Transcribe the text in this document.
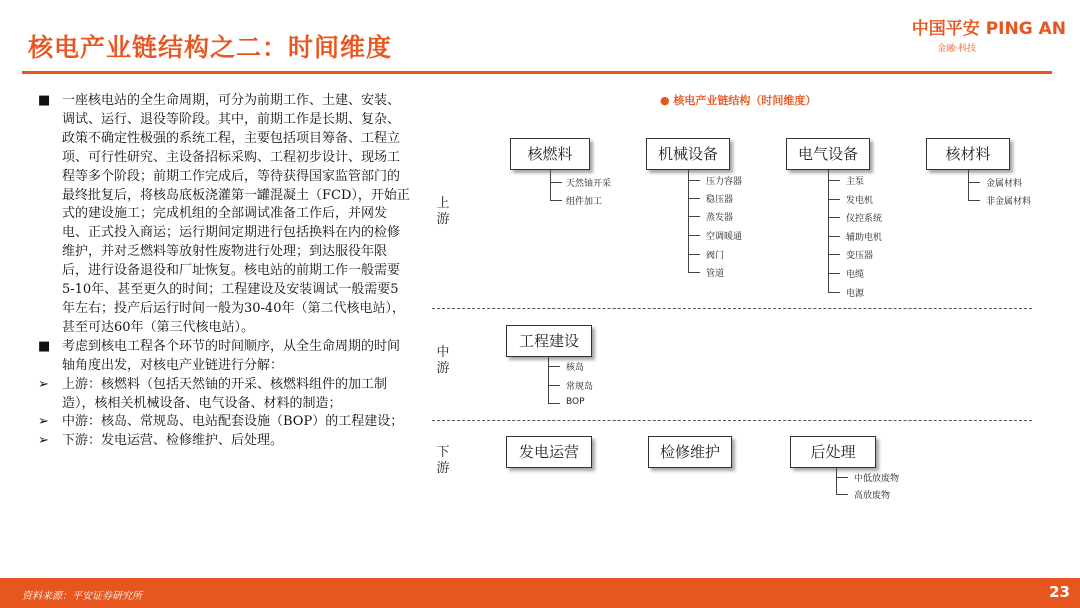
核电产业链结构之二：时间维度
中国平安 PING AN
金融·科技

■ 一座核电站的全生命周期，可分为前期工作、土建、安装、调试、运行、退役等阶段。其中，前期工作是长期、复杂、政策不确定性极强的系统工程，主要包括项目筹备、工程立项、可行性研究、主设备招标采购、工程初步设计、现场工程等多个阶段；前期工作完成后，等待获得国家监管部门的最终批复后，将核岛底板浇灌第一罐混凝土（FCD），开始正式的建设施工；完成机组的全部调试准备工作后，并网发电、正式投入商运；运行期间定期进行包括换料在内的检修维护，并对乏燃料等放射性废物进行处理；到达服役年限后，进行设备退役和厂址恢复。核电站的前期工作一般需要5-10年、甚至更久的时间；工程建设及安装调试一般需要5年左右；投产后运行时间一般为30-40年（第二代核电站），甚至可达60年（第三代核电站）。

■ 考虑到核电工程各个环节的时间顺序，从全生命周期的时间轴角度出发，对核电产业链进行分解：

➢	上游：核燃料（包括天然铀的开采、核燃料组件的加工制造），核相关机械设备、电气设备、材料的制造；

➢	中游：核岛、常规岛、电站配套设施（BOP）的工程建设；

➢	下游：发电运营、检修维护、后处理。

● 核电产业链结构（时间维度）
上游
中游
下游
核燃料
天然铀开采
组件加工
机械设备
压力容器
稳压器
蒸发器
空调暖通
阀门
管道
电气设备
主泵
发电机
仪控系统
辅助电机
变压器
电缆
电源
核材料
金属材料
非金属材料
工程建设
核岛
常规岛
BOP
发电运营	检修维护	后处理
中低放废物
高放废物
资料来源：平安证券研究所	23
